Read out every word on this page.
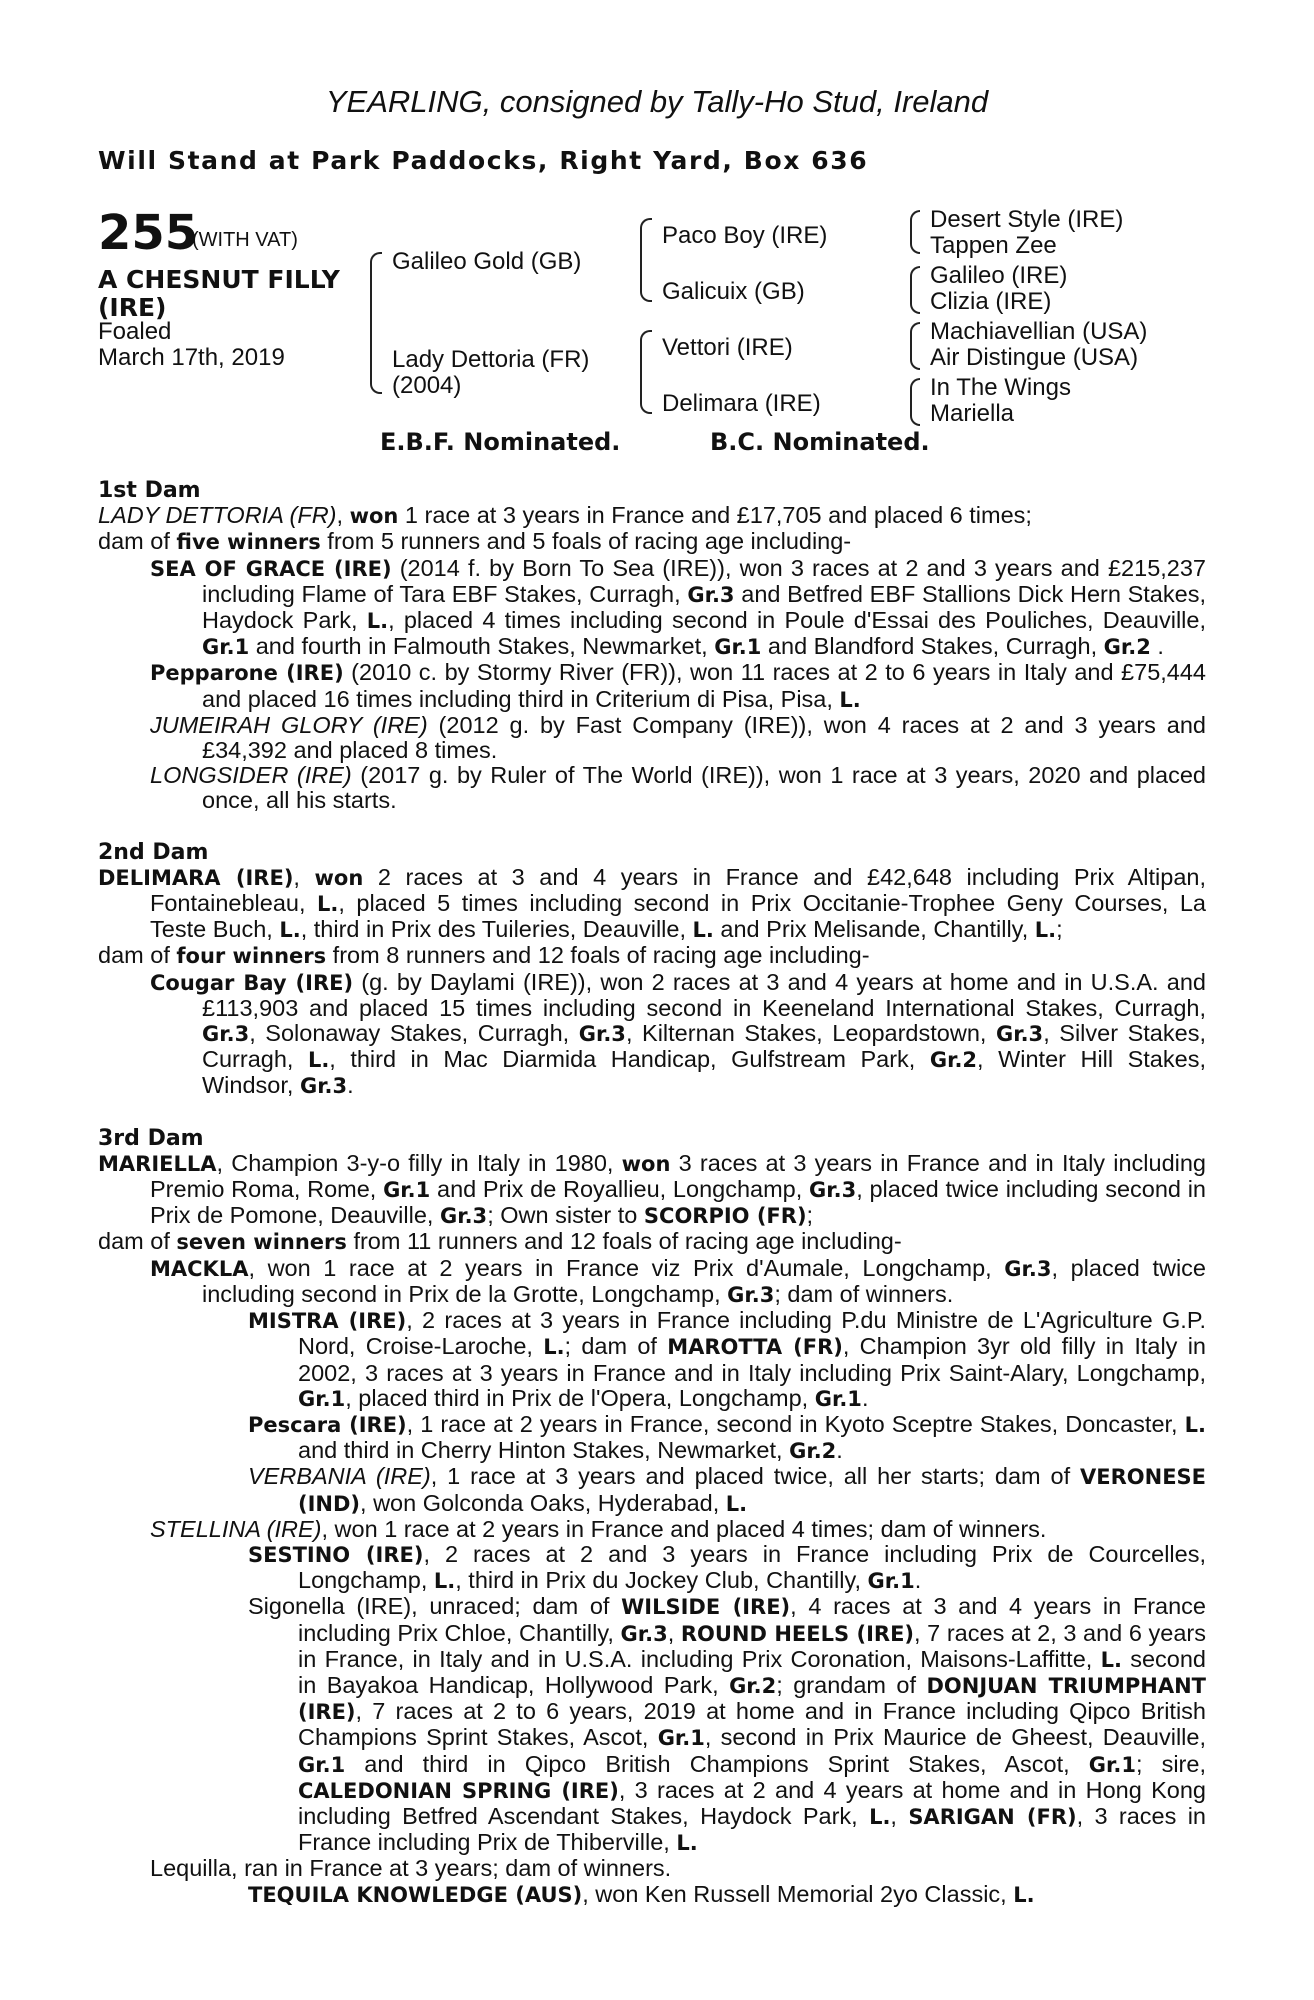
YEARLING, consigned by Tally-Ho Stud, Ireland
Will Stand at Park Paddocks, Right Yard, Box 636
255
(WITH VAT)
A CHESNUT FILLY
(IRE)
Foaled
March 17th, 2019
Galileo Gold (GB)
Lady Dettoria (FR)
(2004)
Paco Boy (IRE)
Galicuix (GB)
Vettori (IRE)
Delimara (IRE)
Desert Style (IRE)
Tappen Zee
Galileo (IRE)
Clizia (IRE)
Machiavellian (USA)
Air Distingue (USA)
In The Wings
Mariella
E.B.F. Nominated.	B.C. Nominated.
1st Dam
LADY DETTORIA (FR), won 1 race at 3 years in France and £17,705 and placed 6 times;
dam of five winners from 5 runners and 5 foals of racing age including-
SEA OF GRACE (IRE) (2014 f. by Born To Sea (IRE)), won 3 races at 2 and 3 years and £215,237 including Flame of Tara EBF Stakes, Curragh, Gr.3 and Betfred EBF Stallions Dick Hern Stakes, Haydock Park, L., placed 4 times including second in Poule d'Essai des Pouliches, Deauville, Gr.1 and fourth in Falmouth Stakes, Newmarket, Gr.1 and Blandford Stakes, Curragh, Gr.2 .
Pepparone (IRE) (2010 c. by Stormy River (FR)), won 11 races at 2 to 6 years in Italy and £75,444 and placed 16 times including third in Criterium di Pisa, Pisa, L.
JUMEIRAH GLORY (IRE) (2012 g. by Fast Company (IRE)), won 4 races at 2 and 3 years and £34,392 and placed 8 times.
LONGSIDER (IRE) (2017 g. by Ruler of The World (IRE)), won 1 race at 3 years, 2020 and placed once, all his starts.
2nd Dam
DELIMARA (IRE), won 2 races at 3 and 4 years in France and £42,648 including Prix Altipan, Fontainebleau, L., placed 5 times including second in Prix Occitanie-Trophee Geny Courses, La Teste Buch, L., third in Prix des Tuileries, Deauville, L. and Prix Melisande, Chantilly, L.;
dam of four winners from 8 runners and 12 foals of racing age including-
Cougar Bay (IRE) (g. by Daylami (IRE)), won 2 races at 3 and 4 years at home and in U.S.A. and £113,903 and placed 15 times including second in Keeneland International Stakes, Curragh, Gr.3, Solonaway Stakes, Curragh, Gr.3, Kilternan Stakes, Leopardstown, Gr.3, Silver Stakes, Curragh, L., third in Mac Diarmida Handicap, Gulfstream Park, Gr.2, Winter Hill Stakes, Windsor, Gr.3.
3rd Dam
MARIELLA, Champion 3-y-o filly in Italy in 1980, won 3 races at 3 years in France and in Italy including Premio Roma, Rome, Gr.1 and Prix de Royallieu, Longchamp, Gr.3, placed twice including second in Prix de Pomone, Deauville, Gr.3; Own sister to SCORPIO (FR);
dam of seven winners from 11 runners and 12 foals of racing age including-
MACKLA, won 1 race at 2 years in France viz Prix d'Aumale, Longchamp, Gr.3, placed twice including second in Prix de la Grotte, Longchamp, Gr.3; dam of winners.
MISTRA (IRE), 2 races at 3 years in France including P.du Ministre de L'Agriculture G.P. Nord, Croise-Laroche, L.; dam of MAROTTA (FR), Champion 3yr old filly in Italy in 2002, 3 races at 3 years in France and in Italy including Prix Saint-Alary, Longchamp, Gr.1, placed third in Prix de l'Opera, Longchamp, Gr.1.
Pescara (IRE), 1 race at 2 years in France, second in Kyoto Sceptre Stakes, Doncaster, L. and third in Cherry Hinton Stakes, Newmarket, Gr.2.
VERBANIA (IRE), 1 race at 3 years and placed twice, all her starts; dam of VERONESE (IND), won Golconda Oaks, Hyderabad, L.
STELLINA (IRE), won 1 race at 2 years in France and placed 4 times; dam of winners.
SESTINO (IRE), 2 races at 2 and 3 years in France including Prix de Courcelles, Longchamp, L., third in Prix du Jockey Club, Chantilly, Gr.1.
Sigonella (IRE), unraced; dam of WILSIDE (IRE), 4 races at 3 and 4 years in France including Prix Chloe, Chantilly, Gr.3, ROUND HEELS (IRE), 7 races at 2, 3 and 6 years in France, in Italy and in U.S.A. including Prix Coronation, Maisons-Laffitte, L. second in Bayakoa Handicap, Hollywood Park, Gr.2; grandam of DONJUAN TRIUMPHANT (IRE), 7 races at 2 to 6 years, 2019 at home and in France including Qipco British Champions Sprint Stakes, Ascot, Gr.1, second in Prix Maurice de Gheest, Deauville, Gr.1 and third in Qipco British Champions Sprint Stakes, Ascot, Gr.1; sire, CALEDONIAN SPRING (IRE), 3 races at 2 and 4 years at home and in Hong Kong including Betfred Ascendant Stakes, Haydock Park, L., SARIGAN (FR), 3 races in France including Prix de Thiberville, L.
Lequilla, ran in France at 3 years; dam of winners.
TEQUILA KNOWLEDGE (AUS), won Ken Russell Memorial 2yo Classic, L.
